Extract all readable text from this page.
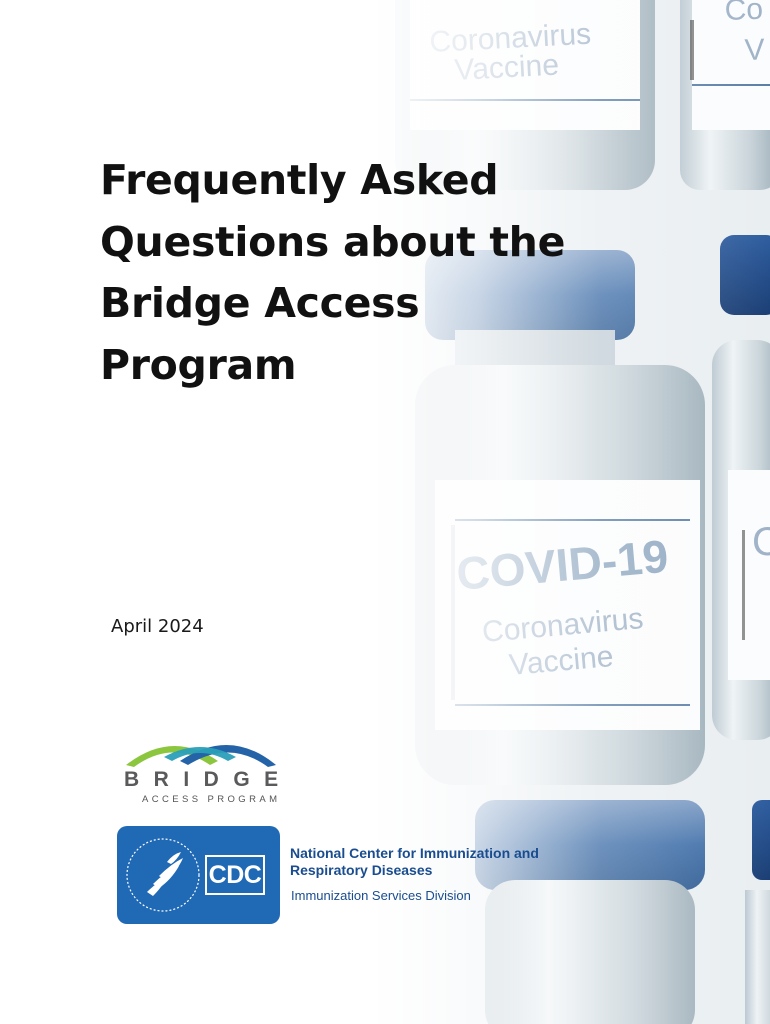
Frequently Asked
Questions about the
Bridge Access
Program
April 2024
BRIDGE
ACCESS PROGRAM
CDC
National Center for Immunization and Respiratory Diseases
Immunization Services Division
